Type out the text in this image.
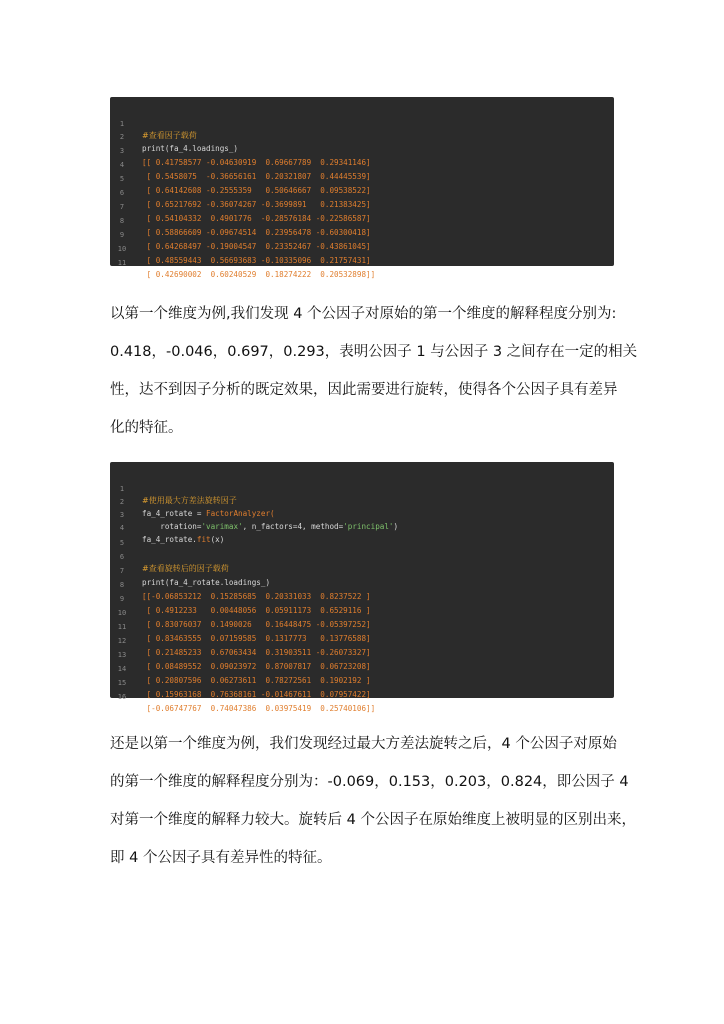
1

#查看因子载荷

2

print(fa_4.loadings_)

3

[[ 0.41758577 -0.04630919  0.69667789  0.29341146]

4

[ 0.5458075  -0.36656161  0.20321807  0.44445539]

5

[ 0.64142608 -0.2555359   0.50646667  0.09538522]

6

[ 0.65217692 -0.36074267 -0.3699891   0.21383425]

7

[ 0.54104332  0.4901776  -0.28576184 -0.22586587]

8

[ 0.58866609 -0.09674514  0.23956478 -0.60300418]

9

[ 0.64268497 -0.19004547  0.23352467 -0.43861045]

10

[ 0.48559443  0.56693683 -0.10335096  0.21757431]

11

[ 0.42690002  0.60240529  0.18274222  0.20532898]]

以第一个维度为例,我们发现 4 个公因子对原始的第一个维度的解释程度分别为:
0.418，-0.046，0.697，0.293，表明公因子 1 与公因子 3 之间存在一定的相关
性，达不到因子分析的既定效果，因此需要进行旋转，使得各个公因子具有差异
化的特征。

1

#使用最大方差法旋转因子

2

fa_4_rotate = FactorAnalyzer(

3

rotation='varimax', n_factors=4, method='principal')

4

fa_4_rotate.fit(x)

5

6

#查看旋转后的因子载荷

7

print(fa_4_rotate.loadings_)

8

[[-0.06853212  0.15285685  0.20331033  0.8237522 ]

9

[ 0.4912233   0.00448056  0.05911173  0.6529116 ]

10

[ 0.83076037  0.1490026   0.16448475 -0.05397252]

11

[ 0.83463555  0.07159585  0.1317773   0.13776588]

12

[ 0.21485233  0.67063434  0.31903511 -0.26073327]

13

[ 0.08489552  0.09023972  0.87007817  0.06723208]

14

[ 0.20807596  0.06273611  0.78272561  0.1902192 ]

15

[ 0.15963168  0.76368161 -0.01467611  0.07957422]

16

[-0.06747767  0.74047386  0.03975419  0.25740106]]

还是以第一个维度为例，我们发现经过最大方差法旋转之后，4 个公因子对原始
的第一个维度的解释程度分别为：-0.069，0.153，0.203，0.824，即公因子 4
对第一个维度的解释力较大。旋转后 4 个公因子在原始维度上被明显的区别出来，
即 4 个公因子具有差异性的特征。
